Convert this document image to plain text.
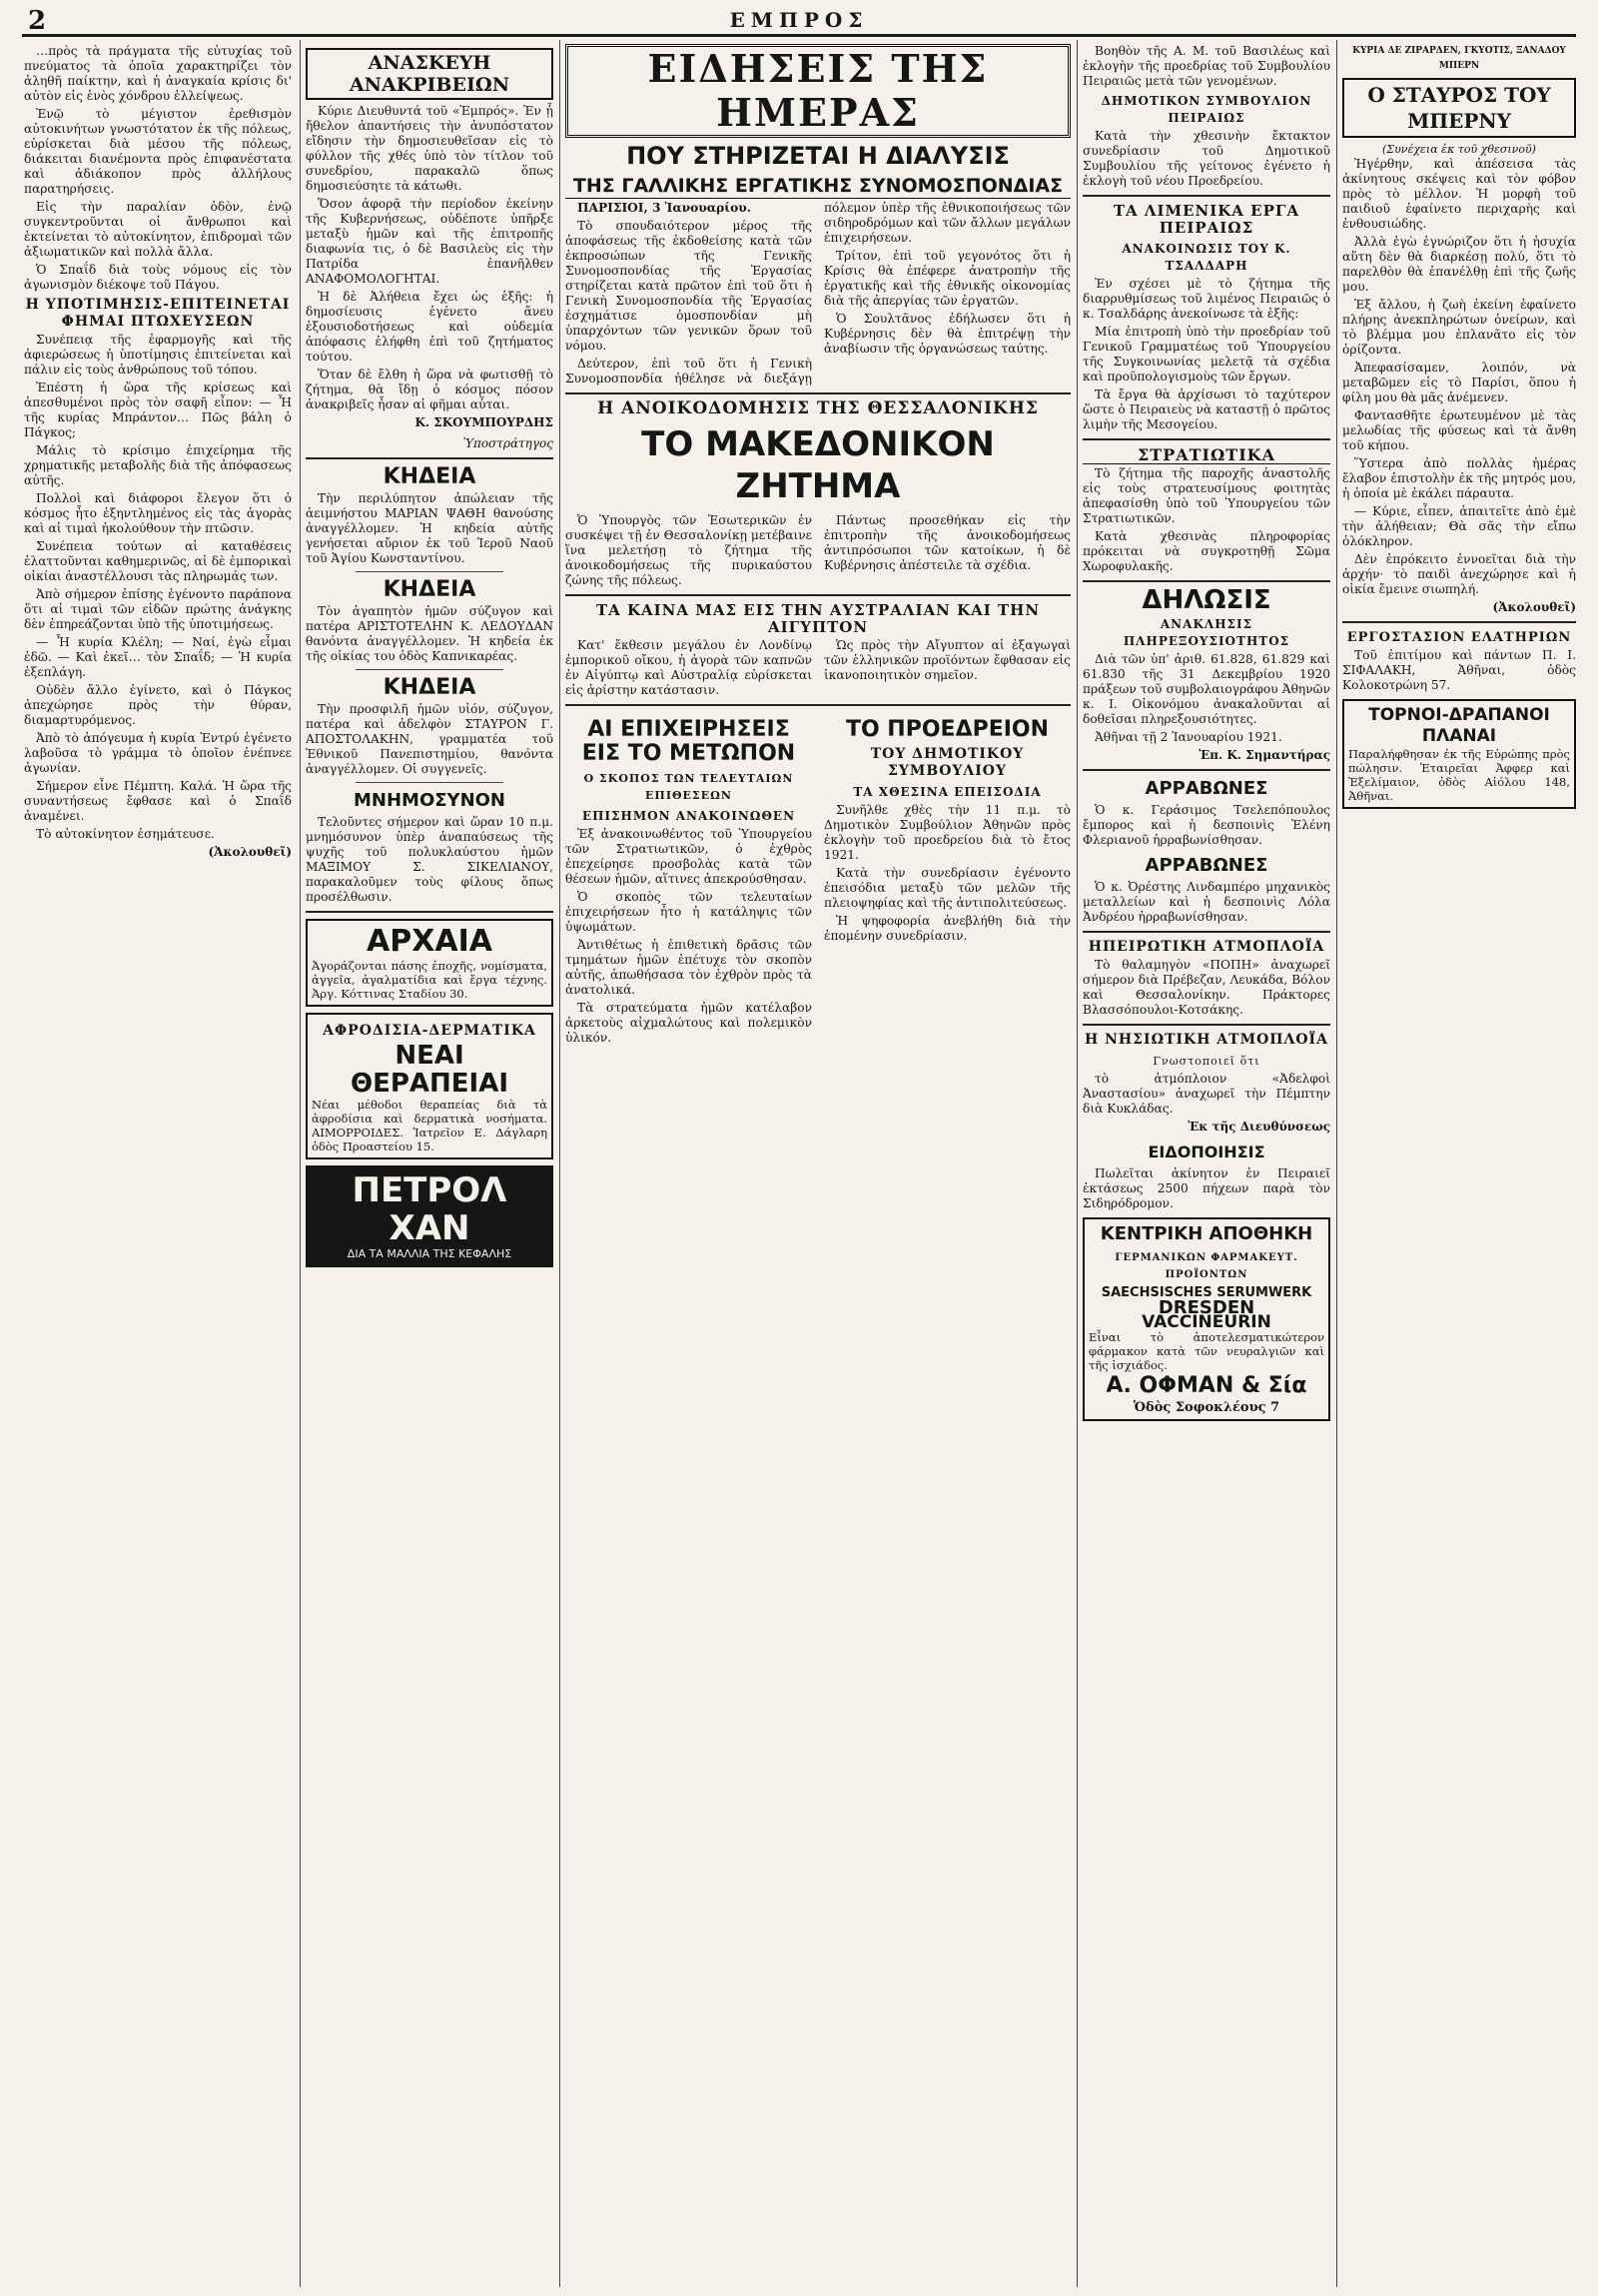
2	ΕΜΠΡΟΣ

…πρὸς τὰ πράγματα τῆς εὐτυχίας τοῦ πνεύματος τὰ ὁποῖα χαρακτηρίζει τὸν ἀληθῆ παίκτην, καὶ ἡ ἀναγκαία κρίσις δι' αὐτὸν εἰς ἑνὸς χόνδρου ἐλλείψεως.

Ἐνῷ τὸ μέγιστον ἐρεθισμὸν αὐτοκινήτων γνωστότατον ἐκ τῆς πόλεως, εὑρίσκεται διὰ μέσου τῆς πόλεως, διάκειται διανέμοντα πρὸς ἐπιφανέστατα καὶ ἀδιάκοπον πρὸς ἀλλήλους παρατηρήσεις.

Εἰς τὴν παραλίαν ὁδὸν, ἐνῷ συγκεντροῦνται οἱ ἄνθρωποι καὶ ἐκτείνεται τὸ αὐτοκίνητον, ἐπιδρομαὶ τῶν ἀξιωματικῶν καὶ πολλὰ ἄλλα.

Ὁ Σπαΐδ διὰ τοὺς νόμους εἰς τὸν ἀγωνισμὸν διέκοψε τοῦ Πάγου.

Η ΥΠΟΤΙΜΗΣΙΣ-ΕΠΙΤΕΙΝΕΤΑΙ ΦΗΜΑΙ ΠΤΩΧΕΥΣΕΩΝ

Συνέπειᾳ τῆς ἐφαρμογῆς καὶ τῆς ἀφιερώσεως ἡ ὑποτίμησις ἐπιτείνεται καὶ πάλιν εἰς τοὺς ἀνθρώπους τοῦ τόπου.

Ἐπέστη ἡ ὥρα τῆς κρίσεως καὶ ἀπεσθυμένοι πρὸς τὸν σαφῆ εἶπον: — Ἧ τῆς κυρίας Μπράντον… Πῶς βάλη ὁ Πάγκος;

Μάλις τὸ κρίσιμο ἐπιχείρημα τῆς χρηματικῆς μεταβολῆς διὰ τῆς ἀπόφασεως αὐτῆς.

Πολλοὶ καὶ διάφοροι ἔλεγον ὅτι ὁ κόσμος ἦτο ἐξηντλημένος εἰς τὰς ἀγορὰς καὶ αἱ τιμαὶ ἠκολούθουν τὴν πτῶσιν.

Συνέπεια τούτων αἱ καταθέσεις ἐλαττοῦνται καθημερινῶς, αἱ δὲ ἐμπορικαὶ οἰκίαι ἀναστέλλουσι τὰς πληρωμάς των.

Ἀπὸ σήμερον ἐπίσης ἐγένοντο παράπονα ὅτι αἱ τιμαὶ τῶν εἰδῶν πρώτης ἀνάγκης δὲν ἐπηρεάζονται ὑπὸ τῆς ὑποτιμήσεως.

— Ἧ κυρία Κλέλη; — Ναί, ἐγὼ εἶμαι ἐδῶ. — Καὶ ἐκεῖ… τὸν Σπαΐδ; — Ἡ κυρία ἐξεπλάγη.

Οὐδὲν ἄλλο ἐγίνετο, καὶ ὁ Πάγκος ἀπεχώρησε πρὸς τὴν θύραν, διαμαρτυρόμενος.

Ἀπὸ τὸ ἀπόγευμα ἡ κυρία Ἐντρύ ἐγένετο λαβοῦσα τὸ γράμμα τὸ ὁποῖον ἐνέπνεε ἀγωνίαν.

Σήμερον εἶνε Πέμπτη. Καλά. Ἡ ὥρα τῆς συναντήσεως ἔφθασε καὶ ὁ Σπαΐδ ἀναμένει.

Τὸ αὐτοκίνητον ἐσημάτευσε.

(Ἀκολουθεῖ)
ΑΝΑΣΚΕΥΗ ΑΝΑΚΡΙΒΕΙΩΝ

Κύριε Διευθυντά τοῦ «Ἐμπρός». Ἐν ᾗ ἤθελον ἀπαντήσεις τὴν ἀνυπόστατον εἴδησιν τὴν δημοσιευθεῖσαν εἰς τὸ φύλλον τῆς χθές ὑπὸ τὸν τίτλον τοῦ συνεδρίου, παρακαλῶ ὅπως δημοσιεύσητε τὰ κάτωθι.

Ὅσον ἀφορᾷ τὴν περίοδον ἐκείνην τῆς Κυβερνήσεως, οὐδέποτε ὑπῆρξε μεταξὺ ἡμῶν καὶ τῆς ἐπιτροπῆς διαφωνία τις, ὁ δὲ Βασιλεὺς εἰς τὴν Πατρίδα ἐπανῆλθεν ΑΝΑΦΟΜΟΛΟΓΗΤΑΙ.

Ἡ δὲ Ἀλήθεια ἔχει ὡς ἑξῆς: ἡ δημοσίευσις ἐγένετο ἄνευ ἐξουσιοδοτήσεως καὶ οὐδεμία ἀπόφασις ἐλήφθη ἐπὶ τοῦ ζητήματος τούτου.

Ὅταν δὲ ἔλθη ἡ ὥρα νὰ φωτισθῇ τὸ ζήτημα, θὰ ἴδῃ ὁ κόσμος πόσον ἀνακριβεῖς ἦσαν αἱ φῆμαι αὗται.

Κ. ΣΚΟΥΜΠΟΥΡΔΗΣ
Ὑποστράτηγος
ΚΗΔΕΙΑ

Τὴν περιλύπητον ἀπώλειαν τῆς ἀειμνήστου ΜΑΡΙΑΝ ΨΑΘΗ θανούσης ἀναγγέλλομεν. Ἡ κηδεία αὐτῆς γενήσεται αὔριον ἐκ τοῦ Ἱεροῦ Ναοῦ τοῦ Ἁγίου Κωνσταντίνου.

ΚΗΔΕΙΑ

Τὸν ἀγαπητὸν ἡμῶν σύζυγον καὶ πατέρα ΑΡΙΣΤΟΤΕΛΗΝ Κ. ΛΕΔΟΥΔΑΝ θανόντα ἀναγγέλλομεν. Ἡ κηδεία ἐκ τῆς οἰκίας του ὁδὸς Καπνικαρέας.

ΚΗΔΕΙΑ

Τὴν προσφιλῆ ἡμῶν υἱόν, σύζυγον, πατέρα καὶ ἀδελφὸν ΣΤΑΥΡΟΝ Γ. ΑΠΟΣΤΟΛΑΚΗΝ, γραμματέα τοῦ Ἐθνικοῦ Πανεπιστημίου, θανόντα ἀναγγέλλομεν. Οἱ συγγενεῖς.

ΜΝΗΜΟΣΥΝΟΝ

Τελοῦντες σήμερον καὶ ὥραν 10 π.μ. μνημόσυνον ὑπὲρ ἀναπαύσεως τῆς ψυχῆς τοῦ πολυκλαύστου ἡμῶν ΜΑΞΙΜΟΥ Σ. ΣΙΚΕΛΙΑΝΟΥ, παρακαλοῦμεν τοὺς φίλους ὅπως προσέλθωσιν.

ΑΡΧΑΙΑ
Ἀγοράζονται πάσης ἐποχῆς, νομίσματα, ἀγγεῖα, ἀγαλματίδια καὶ ἔργα τέχνης. Ἀργ. Κόττινας Σταδίου 30.
ΑΦΡΟΔΙΣΙΑ-ΔΕΡΜΑΤΙΚΑ
ΝΕΑΙ ΘΕΡΑΠΕΙΑΙ
Νέαι μέθοδοι θεραπείας διὰ τὰ ἀφροδίσια καὶ δερματικὰ νοσήματα. ΑΙΜΟΡΡΟΙΔΕΣ. Ἰατρεῖον Ε. Δάγλαρη ὁδὸς Προαστείου 15.
ΠΕΤΡΟΛ ΧΑΝ
ΔΙΑ ΤΑ ΜΑΛΛΙΑ ΤΗΣ ΚΕΦΑΛΗΣ
ΕΙΔΗΣΕΙΣ ΤΗΣ ΗΜΕΡΑΣ
ΠΟΥ ΣΤΗΡΙΖΕΤΑΙ Η ΔΙΑΛΥΣΙΣ
ΤΗΣ ΓΑΛΛΙΚΗΣ ΕΡΓΑΤΙΚΗΣ ΣΥΝΟΜΟΣΠΟΝΔΙΑΣ

ΠΑΡΙΣΙΟΙ, 3 Ἰανουαρίου.

Τὸ σπουδαιότερον μέρος τῆς ἀποφάσεως τῆς ἐκδοθείσης κατὰ τῶν ἐκπροσώπων τῆς Γενικῆς Συνομοσπονδίας τῆς Ἐργασίας στηρίζεται κατὰ πρῶτον ἐπὶ τοῦ ὅτι ἡ Γενικὴ Συνομοσπονδία τῆς Ἐργασίας ἐσχημάτισε ὁμοσπονδίαν μὴ ὑπαρχόντων τῶν γενικῶν ὅρων τοῦ νόμου.

Δεύτερον, ἐπὶ τοῦ ὅτι ἡ Γενικὴ Συνομοσπονδία ἠθέλησε νὰ διεξάγῃ πόλεμον ὑπὲρ τῆς ἐθνικοποιήσεως τῶν σιδηροδρόμων καὶ τῶν ἄλλων μεγάλων ἐπιχειρήσεων.

Τρίτον, ἐπὶ τοῦ γεγονότος ὅτι ἡ Κρίσις θὰ ἐπέφερε ἀνατροπὴν τῆς ἐργατικῆς καὶ τῆς ἐθνικῆς οἰκονομίας διὰ τῆς ἀπεργίας τῶν ἐργατῶν.

Ὁ Σουλτᾶνος ἐδήλωσεν ὅτι ἡ Κυβέρνησις δὲν θὰ ἐπιτρέψῃ τὴν ἀναβίωσιν τῆς ὀργανώσεως ταύτης.

Η ΑΝΟΙΚΟΔΟΜΗΣΙΣ ΤΗΣ ΘΕΣΣΑΛΟΝΙΚΗΣ
ΤΟ ΜΑΚΕΔΟΝΙΚΟΝ ΖΗΤΗΜΑ

Ὁ Ὑπουργὸς τῶν Ἐσωτερικῶν ἐν συσκέψει τῇ ἐν Θεσσαλονίκῃ μετέβαινε ἵνα μελετήσῃ τὸ ζήτημα τῆς ἀνοικοδομήσεως τῆς πυρικαύστου ζώνης τῆς πόλεως.

Πάντως προσεθήκαν εἰς τὴν ἐπιτροπὴν τῆς ἀνοικοδομήσεως ἀντιπρόσωποι τῶν κατοίκων, ἡ δὲ Κυβέρνησις ἀπέστειλε τὰ σχέδια.

ΤΑ ΚΑΙΝΑ ΜΑΣ ΕΙΣ ΤΗΝ ΑΥΣΤΡΑΛΙΑΝ ΚΑΙ ΤΗΝ ΑΙΓΥΠΤΟΝ

Κατ' ἔκθεσιν μεγάλου ἐν Λονδίνῳ ἐμπορικοῦ οἴκου, ἡ ἀγορὰ τῶν καπνῶν ἐν Αἰγύπτῳ καὶ Αὐστραλίᾳ εὑρίσκεται εἰς ἀρίστην κατάστασιν.

Ὡς πρὸς τὴν Αἴγυπτον αἱ ἐξαγωγαὶ τῶν ἑλληνικῶν προϊόντων ἔφθασαν εἰς ἱκανοποιητικὸν σημεῖον.

ΑΙ ΕΠΙΧΕΙΡΗΣΕΙΣ ΕΙΣ ΤΟ ΜΕΤΩΠΟΝ
Ο ΣΚΟΠΟΣ ΤΩΝ ΤΕΛΕΥΤΑΙΩΝ ΕΠΙΘΕΣΕΩΝ
ΕΠΙΣΗΜΟΝ ΑΝΑΚΟΙΝΩΘΕΝ

Ἐξ ἀνακοινωθέντος τοῦ Ὑπουργείου τῶν Στρατιωτικῶν, ὁ ἐχθρὸς ἐπεχείρησε προσβολὰς κατὰ τῶν θέσεων ἡμῶν, αἵτινες ἀπεκρούσθησαν.

Ὁ σκοπὸς τῶν τελευταίων ἐπιχειρήσεων ἦτο ἡ κατάληψις τῶν ὑψωμάτων.

Ἀντιθέτως ἡ ἐπιθετικὴ δρᾶσις τῶν τμημάτων ἡμῶν ἐπέτυχε τὸν σκοπὸν αὐτῆς, ἀπωθήσασα τὸν ἐχθρὸν πρὸς τὰ ἀνατολικά.

Τὰ στρατεύματα ἡμῶν κατέλαβον ἀρκετοὺς αἰχμαλώτους καὶ πολεμικὸν ὑλικόν.

ΤΟ ΠΡΟΕΔΡΕΙΟΝ
ΤΟΥ ΔΗΜΟΤΙΚΟΥ ΣΥΜΒΟΥΛΙΟΥ
ΤΑ ΧΘΕΣΙΝΑ ΕΠΕΙΣΟΔΙΑ

Συνῆλθε χθὲς τὴν 11 π.μ. τὸ Δημοτικὸν Συμβούλιον Ἀθηνῶν πρὸς ἐκλογὴν τοῦ προεδρείου διὰ τὸ ἔτος 1921.

Κατὰ τὴν συνεδρίασιν ἐγένοντο ἐπεισόδια μεταξὺ τῶν μελῶν τῆς πλειοψηφίας καὶ τῆς ἀντιπολιτεύσεως.

Ἡ ψηφοφορία ἀνεβλήθη διὰ τὴν ἐπομένην συνεδρίασιν.

Βοηθὸν τῆς Α. Μ. τοῦ Βασιλέως καὶ ἐκλογὴν τῆς προεδρίας τοῦ Συμβουλίου Πειραιῶς μετὰ τῶν γενομένων.

ΔΗΜΟΤΙΚΟΝ ΣΥΜΒΟΥΛΙΟΝ ΠΕΙΡΑΙΩΣ

Κατὰ τὴν χθεσινὴν ἔκτακτον συνεδρίασιν τοῦ Δημοτικοῦ Συμβουλίου τῆς γείτονος ἐγένετο ἡ ἐκλογὴ τοῦ νέου Προεδρείου.

ΤΑ ΛΙΜΕΝΙΚΑ ΕΡΓΑ ΠΕΙΡΑΙΩΣ
ΑΝΑΚΟΙΝΩΣΙΣ ΤΟΥ Κ. ΤΣΑΛΔΑΡΗ

Ἐν σχέσει μὲ τὸ ζήτημα τῆς διαρρυθμίσεως τοῦ λιμένος Πειραιῶς ὁ κ. Τσαλδάρης ἀνεκοίνωσε τὰ ἑξῆς:

Μία ἐπιτροπὴ ὑπὸ τὴν προεδρίαν τοῦ Γενικοῦ Γραμματέως τοῦ Ὑπουργείου τῆς Συγκοινωνίας μελετᾷ τὰ σχέδια καὶ προϋπολογισμοὺς τῶν ἔργων.

Τὰ ἔργα θὰ ἀρχίσωσι τὸ ταχύτερον ὥστε ὁ Πειραιεὺς νὰ καταστῇ ὁ πρῶτος λιμὴν τῆς Μεσογείου.

ΣΤΡΑΤΙΩΤΙΚΑ

Τὸ ζήτημα τῆς παροχῆς ἀναστολῆς εἰς τοὺς στρατευσίμους φοιτητὰς ἀπεφασίσθη ὑπὸ τοῦ Ὑπουργείου τῶν Στρατιωτικῶν.

Κατὰ χθεσινὰς πληροφορίας πρόκειται νὰ συγκροτηθῇ Σῶμα Χωροφυλακῆς.

ΔΗΛΩΣΙΣ
ΑΝΑΚΛΗΣΙΣ ΠΛΗΡΕΞΟΥΣΙΟΤΗΤΟΣ

Διὰ τῶν ὑπ' ἀριθ. 61.828, 61.829 καὶ 61.830 τῆς 31 Δεκεμβρίου 1920 πράξεων τοῦ συμβολαιογράφου Ἀθηνῶν κ. Ι. Οἰκονόμου ἀνακαλοῦνται αἱ δοθεῖσαι πληρεξουσιότητες.

Ἀθῆναι τῇ 2 Ἰανουαρίου 1921.

Ἐπ. Κ. Σημαντήρας
ΑΡΡΑΒΩΝΕΣ

Ὁ κ. Γεράσιμος Τσελεπόπουλος ἔμπορος καὶ ἡ δεσποινὶς Ἑλένη Φλεριανοῦ ἠρραβωνίσθησαν.

ΑΡΡΑΒΩΝΕΣ

Ὁ κ. Ὀρέστης Λινδαμπέρο μηχανικὸς μεταλλείων καὶ ἡ δεσποινὶς Λόλα Ἀνδρέου ἠρραβωνίσθησαν.

ΗΠΕΙΡΩΤΙΚΗ ΑΤΜΟΠΛΟΪΑ

Τὸ θαλαμηγὸν «ΠΟΠΗ» ἀναχωρεῖ σήμερον διὰ Πρέβεζαν, Λευκάδα, Βόλον καὶ Θεσσαλονίκην. Πράκτορες Βλασσόπουλοι-Κοτσάκης.

Η ΝΗΣΙΩΤΙΚΗ ΑΤΜΟΠΛΟΪΑ
Γνωστοποιεῖ ὅτι

τὸ ἀτμόπλοιον «Ἀδελφοὶ Ἀναστασίου» ἀναχωρεῖ τὴν Πέμπτην διὰ Κυκλάδας.

Ἐκ τῆς Διευθύνσεως
ΕΙΔΟΠΟΙΗΣΙΣ

Πωλεῖται ἀκίνητον ἐν Πειραιεῖ ἐκτάσεως 2500 πήχεων παρὰ τὸν Σιδηρόδρομον.

ΚΕΝΤΡΙΚΗ ΑΠΟΘΗΚΗ
ΓΕΡΜΑΝΙΚΩΝ ΦΑΡΜΑΚΕΥΤ. ΠΡΟΪΟΝΤΩΝ
SAECHSISCHES SERUMWERK
DRESDEN
VACCINEURIN
Εἶναι τὸ ἀποτελεσματικώτερον φάρμακον κατὰ τῶν νευραλγιῶν καὶ τῆς ἰσχιάδος.
Α. ΟΦΜΑΝ & Σία
Ὁδὸς Σοφοκλέους 7
ΚΥΡΙΑ ΔΕ ΖΙΡΑΡΔΕΝ, ΓΚΥΟΤΙΣ, ΞΑΝΑΔΟΥ ΜΠΕΡΝ
Ο ΣΤΑΥΡΟΣ ΤΟΥ ΜΠΕΡΝΥ
(Συνέχεια ἐκ τοῦ χθεσινοῦ)

Ἠγέρθην, καὶ ἀπέσεισα τὰς ἀκίνητους σκέψεις καὶ τὸν φόβον πρὸς τὸ μέλλον. Ἡ μορφὴ τοῦ παιδιοῦ ἐφαίνετο περιχαρὴς καὶ ἐνθουσιώδης.

Ἀλλὰ ἐγὼ ἐγνώριζον ὅτι ἡ ἡσυχία αὕτη δὲν θὰ διαρκέσῃ πολύ, ὅτι τὸ παρελθὸν θὰ ἐπανέλθῃ ἐπὶ τῆς ζωῆς μου.

Ἐξ ἄλλου, ἡ ζωὴ ἐκείνη ἐφαίνετο πλήρης ἀνεκπληρώτων ὀνείρων, καὶ τὸ βλέμμα μου ἐπλανᾶτο εἰς τὸν ὁρίζοντα.

Ἀπεφασίσαμεν, λοιπόν, νὰ μεταβῶμεν εἰς τὸ Παρίσι, ὅπου ἡ φίλη μου θὰ μᾶς ἀνέμενεν.

Φαντασθῆτε ἐρωτευμένον μὲ τὰς μελωδίας τῆς φύσεως καὶ τὰ ἄνθη τοῦ κήπου.

Ὕστερα ἀπὸ πολλὰς ἡμέρας ἔλαβον ἐπιστολὴν ἐκ τῆς μητρός μου, ἡ ὁποία μὲ ἐκάλει πάραυτα.

— Κύριε, εἶπεν, ἀπαιτεῖτε ἀπὸ ἐμὲ τὴν ἀλήθειαν; Θὰ σᾶς τὴν εἴπω ὁλόκληρον.

Δὲν ἐπρόκειτο ἐννοεῖται διὰ τὴν ἀρχήν· τὸ παιδὶ ἀνεχώρησε καὶ ἡ οἰκία ἔμεινε σιωπηλή.

(Ἀκολουθεῖ)
ΕΡΓΟΣΤΑΣΙΟΝ ΕΛΑΤΗΡΙΩΝ

Τοῦ ἐπιτίμου καὶ πάντων Π. Ι. ΣΙΦΑΛΑΚΗ, Ἀθῆναι, ὁδὸς Κολοκοτρώνη 57.

ΤΟΡΝΟΙ-ΔΡΑΠΑΝΟΙ ΠΛΑΝΑΙ
Παραλήφθησαν ἐκ τῆς Εὐρώπης πρὸς πώλησιν. Ἐταιρεῖαι Ἀφφερ καὶ Ἐξελίμαιον, ὁδὸς Αἰόλου 148, Ἀθῆναι.
